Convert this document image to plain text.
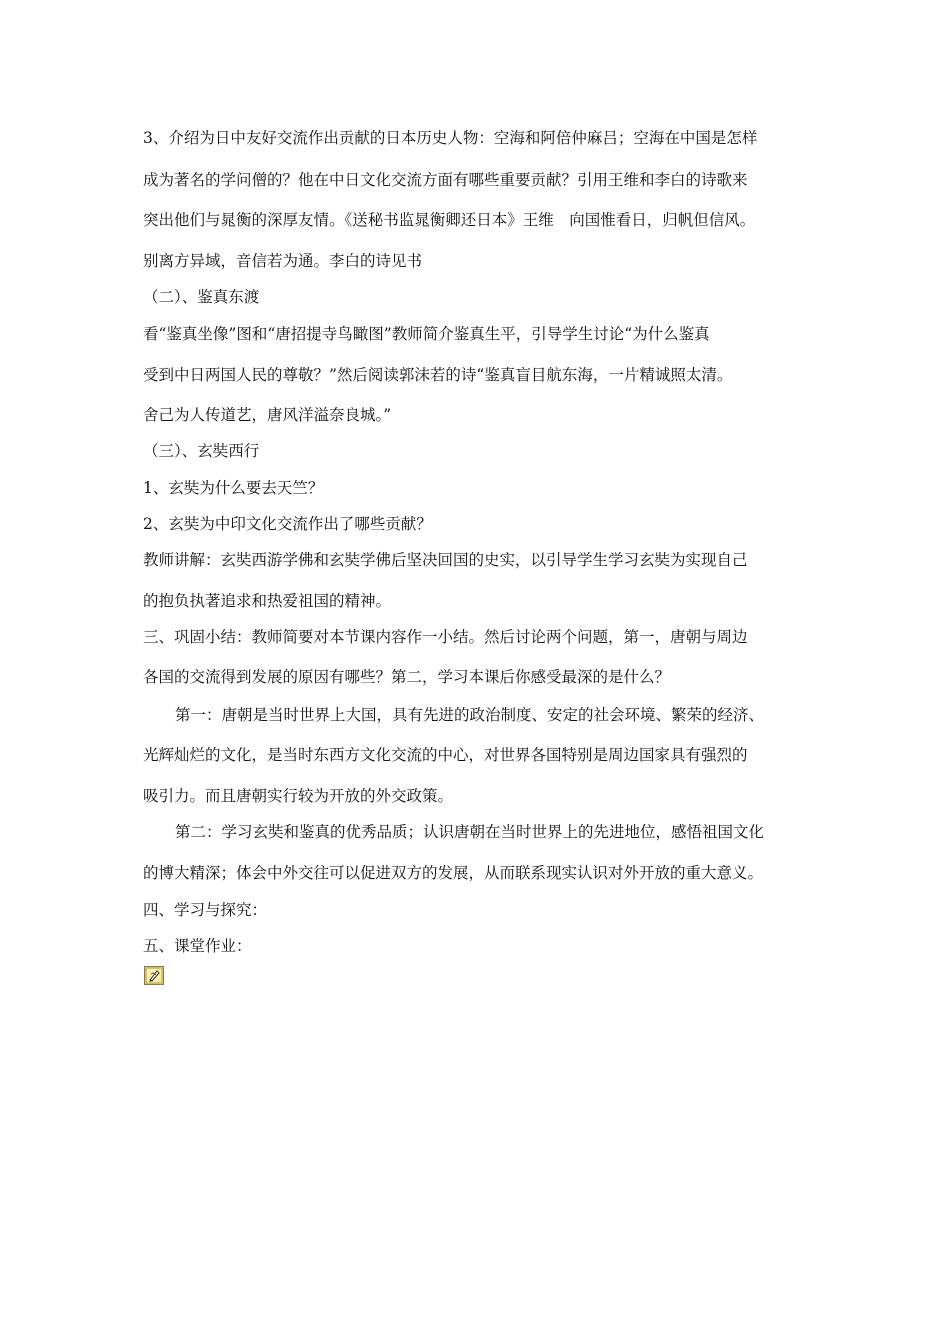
3、介绍为日中友好交流作出贡献的日本历史人物：空海和阿倍仲麻吕；空海在中国是怎样
成为著名的学问僧的？他在中日文化交流方面有哪些重要贡献？引用王维和李白的诗歌来
突出他们与晁衡的深厚友情。《送秘书监晁衡卿还日本》王维　向国惟看日，归帆但信风。
别离方异域，音信若为通。李白的诗见书
（二）、鉴真东渡
看“鉴真坐像”图和“唐招提寺鸟瞰图”教师简介鉴真生平，引导学生讨论“为什么鉴真
受到中日两国人民的尊敬？”然后阅读郭沫若的诗“鉴真盲目航东海，一片精诚照太清。
舍己为人传道艺，唐风洋溢奈良城。”
（三）、玄奘西行
1、玄奘为什么要去天竺？
2、玄奘为中印文化交流作出了哪些贡献？
教师讲解：玄奘西游学佛和玄奘学佛后坚决回国的史实，以引导学生学习玄奘为实现自己
的抱负执著追求和热爱祖国的精神。
三、巩固小结：教师简要对本节课内容作一小结。然后讨论两个问题，第一，唐朝与周边
各国的交流得到发展的原因有哪些？第二，学习本课后你感受最深的是什么？
第一：唐朝是当时世界上大国，具有先进的政治制度、安定的社会环境、繁荣的经济、
光辉灿烂的文化，是当时东西方文化交流的中心，对世界各国特别是周边国家具有强烈的
吸引力。而且唐朝实行较为开放的外交政策。
第二：学习玄奘和鉴真的优秀品质；认识唐朝在当时世界上的先进地位，感悟祖国文化
的博大精深；体会中外交往可以促进双方的发展，从而联系现实认识对外开放的重大意义。
四、学习与探究：
五、课堂作业：
